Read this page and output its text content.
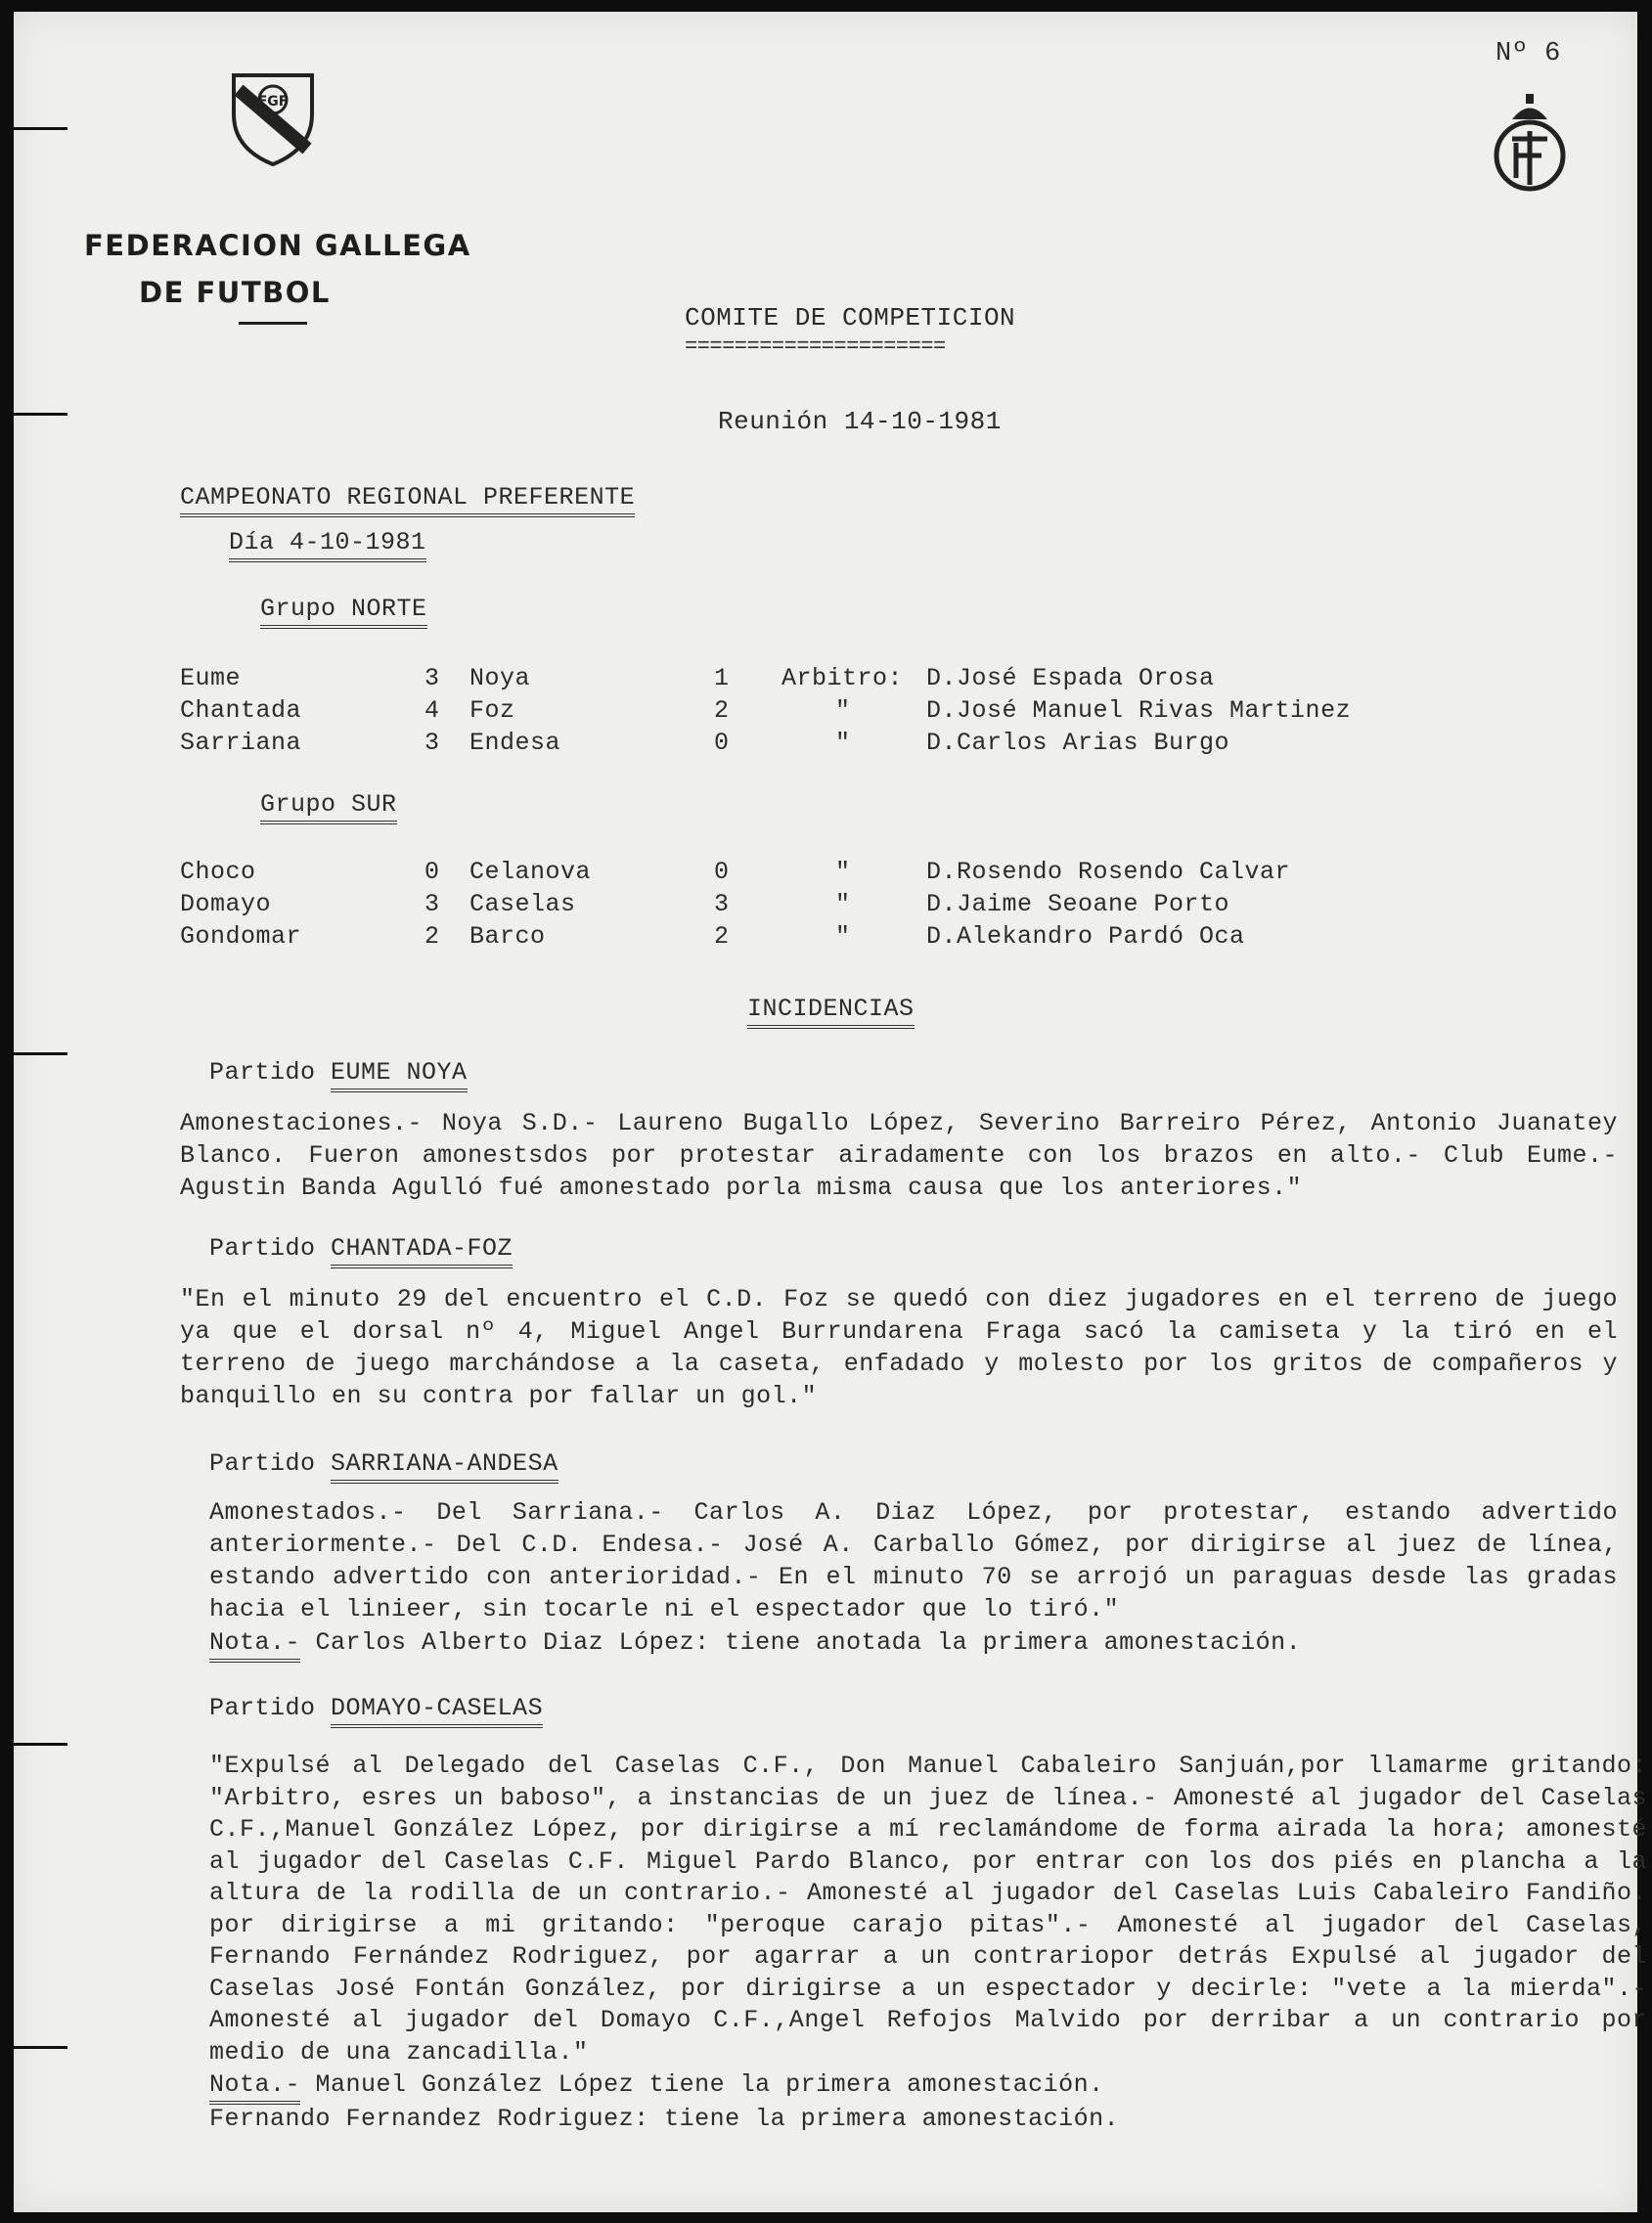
Nº 6
FGF
FEDERACION GALLEGA
DE FUTBOL
COMITE DE COMPETICION
=====================
Reunión 14-10-1981
CAMPEONATO REGIONAL PREFERENTE
Día 4-10-1981
Grupo NORTE
Eume	3 Noya	1 Arbitro: D.José Espada Orosa
Chantada	4 Foz	2	"	D.José Manuel Rivas Martinez
Sarriana	3 Endesa	0	"	D.Carlos Arias Burgo
Grupo SUR
Choco	0 Celanova	0	"	D.Rosendo Rosendo Calvar
Domayo	3 Caselas	3	"	D.Jaime Seoane Porto
Gondomar	2 Barco	2	"	D.Alekandro Pardó Oca
INCIDENCIAS
Partido EUME NOYA
Amonestaciones.- Noya S.D.- Laureno Bugallo López, Severino Barreiro Pérez, Antonio Juanatey Blanco. Fueron amonestsdos por protestar airadamente con los brazos en alto.- Club Eume.- Agustin Banda Agulló fué amonestado porla misma causa que los anteriores."
Partido CHANTADA-FOZ
"En el minuto 29 del encuentro el C.D. Foz se quedó con diez jugadores en el terreno de juego ya que el dorsal nº 4, Miguel Angel Burrundarena Fraga sacó la camiseta y la tiró en el terreno de juego marchándose a la caseta, enfadado y molesto por los gritos de compañeros y banquillo en su contra por fallar un gol."
Partido SARRIANA-ANDESA
Amonestados.- Del Sarriana.- Carlos A. Diaz López, por protestar, estando advertido anteriormente.- Del C.D. Endesa.- José A. Carballo Gómez, por dirigirse al juez de línea, estando advertido con anterioridad.- En el minuto 70 se arrojó un paraguas desde las gradas hacia el linieer, sin tocarle ni el espectador que lo tiró."
Nota.- Carlos Alberto Diaz López: tiene anotada la primera amonestación.
Partido DOMAYO-CASELAS
"Expulsé al Delegado del Caselas C.F., Don Manuel Cabaleiro Sanjuán,por llamarme gritando: "Arbitro, esres un baboso", a instancias de un juez de línea.- Amonesté al jugador del Caselas C.F.,Manuel González López, por dirigirse a mí reclamándome de forma airada la hora; amonesté al jugador del Caselas C.F. Miguel Pardo Blanco, por entrar con los dos piés en plancha a la altura de la rodilla de un contrario.- Amonesté al jugador del Caselas Luis Cabaleiro Fandiño. por dirigirse a mi gritando: "peroque carajo pitas".- Amonesté al jugador del Caselas, Fernando Fernández Rodriguez, por agarrar a un contrariopor detrás Expulsé al jugador del Caselas José Fontán González, por dirigirse a un espectador y decirle: "vete a la mierda".- Amonesté al jugador del Domayo C.F.,Angel Refojos Malvido por derribar a un contrario por medio de una zancadilla."
Nota.- Manuel González López tiene la primera amonestación.
Fernando Fernandez Rodriguez: tiene la primera amonestación.
